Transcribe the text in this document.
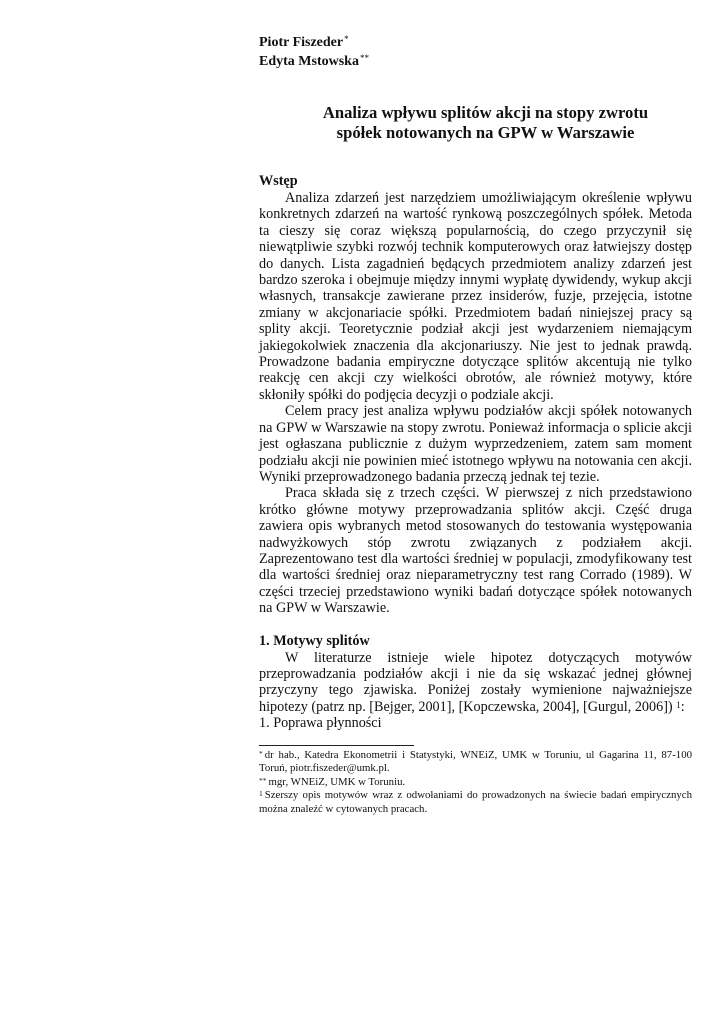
Piotr Fiszeder*
Edyta Mstowska**
Analiza wpływu splitów akcji na stopy zwrotu
spółek notowanych na GPW w Warszawie
Wstęp

Analiza zdarzeń jest narzędziem umożliwiającym określenie wpływu konkretnych zdarzeń na wartość rynkową poszczególnych spółek. Metoda ta cieszy się coraz większą popularnością, do czego przyczynił się niewątpliwie szybki rozwój technik komputerowych oraz łatwiejszy dostęp do danych. Lista zagadnień będących przedmiotem analizy zdarzeń jest bardzo szeroka i obejmuje między innymi wypłatę dywidendy, wykup akcji własnych, transakcje zawierane przez insiderów, fuzje, przejęcia, istotne zmiany w akcjonariacie spółki. Przedmiotem badań niniejszej pracy są splity akcji. Teoretycznie podział akcji jest wydarzeniem niemającym jakiegokolwiek znaczenia dla akcjonariuszy. Nie jest to jednak prawdą. Prowadzone badania empiryczne dotyczące splitów akcentują nie tylko reakcję cen akcji czy wielkości obrotów, ale również motywy, które skłoniły spółki do podjęcia decyzji o podziale akcji.

Celem pracy jest analiza wpływu podziałów akcji spółek notowanych na GPW w Warszawie na stopy zwrotu. Ponieważ informacja o splicie akcji jest ogłaszana publicznie z dużym wyprzedzeniem, zatem sam moment podziału akcji nie powinien mieć istotnego wpływu na notowania cen akcji. Wyniki przeprowadzonego badania przeczą jednak tej tezie.

Praca składa się z trzech części. W pierwszej z nich przedstawiono krótko główne motywy przeprowadzania splitów akcji. Część druga zawiera opis wybranych metod stosowanych do testowania występowania nadwyżkowych stóp zwrotu związanych z podziałem akcji. Zaprezentowano test dla wartości średniej w populacji, zmodyfikowany test dla wartości średniej oraz nieparametryczny test rang Corrado (1989). W części trzeciej przedstawiono wyniki badań dotyczące spółek notowanych na GPW w Warszawie.

1. Motywy splitów

W literaturze istnieje wiele hipotez dotyczących motywów przeprowadzania podziałów akcji i nie da się wskazać jednej głównej przyczyny tego zjawiska. Poniżej zostały wymienione najważniejsze hipotezy (patrz np. [Bejger, 2001], [Kopczewska, 2004], [Gurgul, 2006]) $^1$:

1. Poprawa płynności

* dr hab., Katedra Ekonometrii i Statystyki, WNEiZ, UMK w Toruniu, ul Gagarina 11, 87-100 Toruń, piotr.fiszeder@umk.pl.

** mgr, WNEiZ, UMK w Toruniu.

$^1$ Szerszy opis motywów wraz z odwołaniami do prowadzonych na świecie badań empirycznych można znaleźć w cytowanych pracach.
